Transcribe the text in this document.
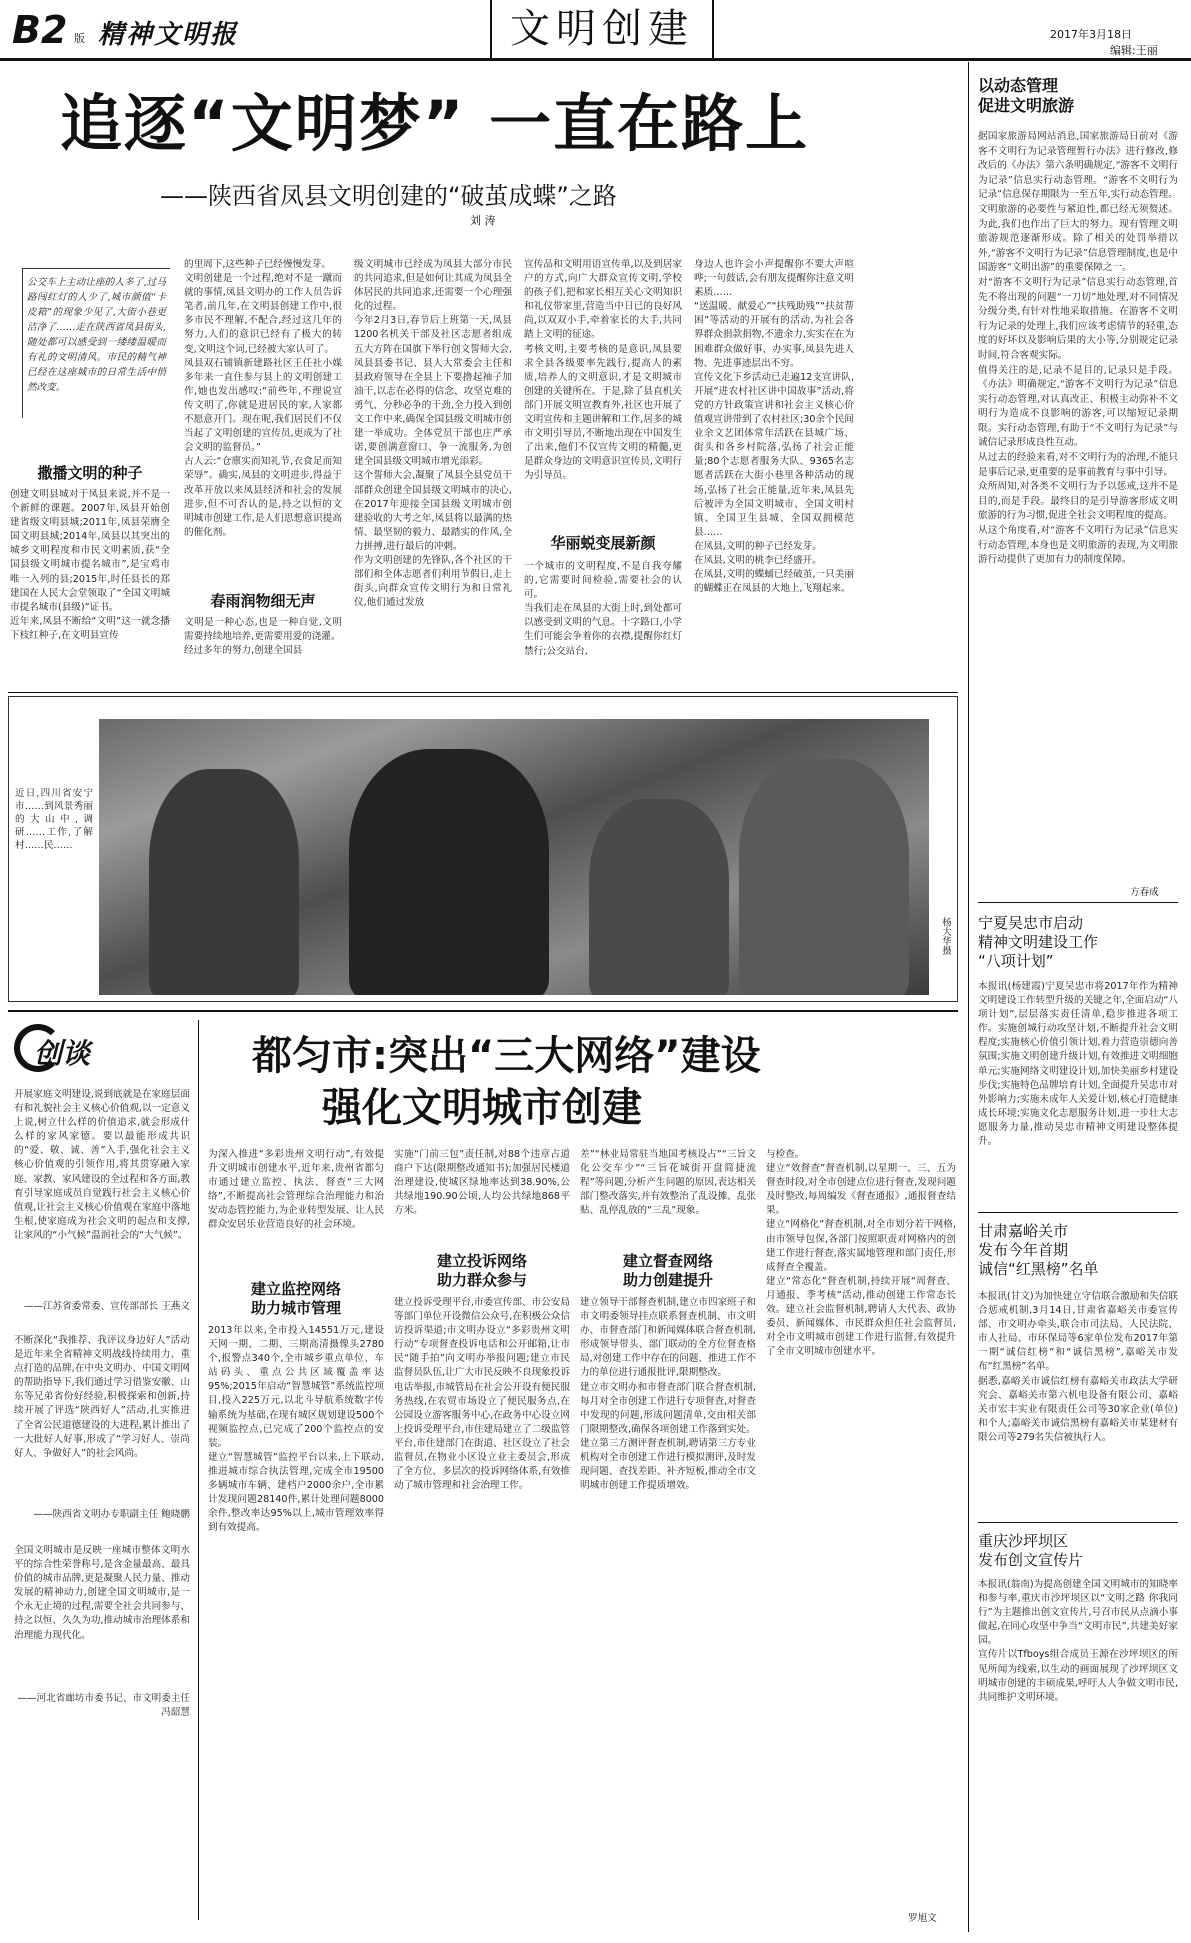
B2 版 精神文明报	文明创建	2017年3月18日
编辑:王丽
追逐“文明梦” 一直在路上
——陕西省凤县文明创建的“破茧成蝶”之路
刘 涛
公交车上主动让座的人多了,过马路闯红灯的人少了,城市颜值“卡皮箱”的现象少见了,大街小巷更洁净了……走在陕西省凤县街头,随处都可以感受到一缕缕温暖而有礼的文明清风。市民的精气神已经在这座城市的日常生活中悄然改变。
撒播文明的种子
创建文明县城对于凤县来说,并不是一个新鲜的课题。2007年,凤县开始创建省级文明县城;2011年,凤县荣膺全国文明县城;2014年,凤县以其突出的城乡文明程度和市民文明素质,获“全国县级文明城市提名城市”,是宝鸡市唯一入列的县;2015年,时任县长的郑建国在人民大会堂领取了“全国文明城市提名城市(县级)”证书。
近年来,凤县不断给“文明”这一就念播下枝红种子,在文明县宣传
的里周下,这些种子已经慢慢发芽。
文明创建是一个过程,绝对不是一蹴而就的事情,凤县文明办的工作人员告诉笔者,前几年,在文明县创建工作中,很多市民不理解,不配合,经过这几年的努力,人们的意识已经有了极大的转变,文明这个词,已经被大家认可了。
凤县双石铺镇新建路社区王任社小媒多年来一直住参与县上的文明创建工作,她也发出感叹:“前些年,不理说宣传文明了,你就是进居民的家,人家都不愿意开门。现在呢,我们居民们不仅当起了文明创建的宣传员,更成为了社会文明的监督员。”
古人云:“仓廪实而知礼节,衣食足而知荣辱”。确实,凤县的文明进步,得益于改革开放以来凤县经济和社会的发展进步,但不可否认的是,持之以恒的文明城市创建工作,是人们思想意识提高的催化剂。
春雨润物细无声
文明是一种心态,也是一种自觉,文明需要持续地培养,更需要用爱的浇灌。
经过多年的努力,创建全国县
级文明城市已经成为凤县大部分市民的共同追求,但是如何让其成为凤县全体居民的共同追求,还需要一个心理强化的过程。
今年2月3日,春节后上班第一天,凤县1200名机关干部及社区志愿者组成五大方阵在国旗下举行创文誓师大会,凤县县委书记、县人大常委会主任和县政府领导在全县上下要撸起袖子加油干,以志在必得的信念、攻坚克难的勇气、分秒必争的干劲,全力投入到创文工作中来,确保全国县级文明城市创建一举成功。全体党员干部也庄严承诺,要创满意窗口、争一流服务,为创建全国县级文明城市增光添彩。
这个誓师大会,凝聚了凤县全县党员干部群众创建全国县级文明城市的决心,在2017年迎接全国县级文明城市创建验收的大考之年,凤县将以最满的热情、最坚韧的毅力、最踏实的作风,全力拼搏,进行最后的冲刺。
作为文明创建的先锋队,各个社区的干部们和全体志愿者们利用节假日,走上街头,向群众宣传文明行为和日常礼仪,他们通过发放
宣传品和文明用语宣传单,以及到居家户的方式,向广大群众宣传文明,学校的孩子们,把和家长相互关心文明知识和礼仪带家里,营造当中日已的良好风尚,以双双小手,牵着家长的大手,共同踏上文明的征途。
考核文明,主要考核的是意识,凤县要求全县各级要率先践行,提高人的素质,培养人的文明意识,才是文明城市创建的关键所在。于是,除了县直机关部门开展文明宣教育外,社区也开展了文明宣传和主题讲解和工作,居多的城市文明引导员,不断地出现在中国发生了出来,他们不仅宣传文明的精髓,更是群众身边的文明意识宣传员,文明行为引导员。
华丽蜕变展新颜
一个城市的文明程度,不是自我夸耀的,它需要时间检验,需要社会的认可。
当我们走在凤县的大街上时,到处都可以感受到文明的气息。十字路口,小学生们可能会争着你的衣襟,提醒你红灯禁行;公交站台,
身边人也许会小声提醒你不要大声喧哗;一句鼓话,会有朋友提醒你注意文明素质……
“送温暖、献爱心”“扶残助残”“扶贫帮困”等活动的开展有的活动,为社会各界群众捐款捐物,不遗余力,实实在在为困难群众做好事、办实事,凤县先进人物、先进事迹层出不穷。
宣传文化下乡活动已走遍12支宣讲队,开展“进农村社区讲中国故事”活动,将党的方针政策宣讲和社会主义核心价值观宣讲带到了农村社区;30余个民间业余文艺团体常年活跃在县城广场、街头和各乡村院落,弘扬了社会正能量;80个志愿者服务大队、9365名志愿者活跃在大街小巷里各种活动的现场,弘扬了社会正能量,近年来,凤县先后被评为全国文明城市、全国文明村镇、全国卫生县城、全国双拥模范县……
在凤县,文明的种子已经发芽。
在凤县,文明的桃李已经盛开。
在凤县,文明的蝶蛹已经破茧,一只美丽的蝴蝶正在凤县的大地上,飞翔起来。
近日,四川省安宁市……到风景秀丽的大山中,调研……工作,了解村……民……
杨大华摄
以动态管理
促进文明旅游
据国家旅游局网站消息,国家旅游局日前对《游客不文明行为记录管理暂行办法》进行修改,修改后的《办法》第六条明确规定,“游客不文明行为记录”信息实行动态管理。“游客不文明行为记录”信息保存期限为一至五年,实行动态管理。
文明旅游的必要性与紧迫性,都已经无须赘述。为此,我们也作出了巨大的努力。现有管理文明旅游规范逐渐形成。除了相关的处罚举措以外,“游客不文明行为记录”信息管理制度,也是中国游客“文明出游”的重要保障之一。
对“游客不文明行为记录”信息实行动态管理,首先不将出现的问题“一刀切”地处理,对不同情况分级分类,有针对性地采取措施。在游客不文明行为记录的处理上,我们应该考虑情节的轻重,态度的好坏以及影响后果的大小等,分别规定记录时间,符合客观实际。
值得关注的是,记录不是目的,记录只是手段。《办法》明确规定,“游客不文明行为记录”信息实行动态管理,对认真改正、积极主动弥补不文明行为造成不良影响的游客,可以缩短记录期限。实行动态管理,有助于“不文明行为记录”与诚信记录形成良性互动。
从过去的经验来看,对不文明行为的治理,不能只是事后记录,更重要的是事前教育与事中引导。
众所周知,对各类不文明行为予以惩戒,这并不是目的,而是手段。最终目的是引导游客形成文明旅游的行为习惯,促进全社会文明程度的提高。
从这个角度看,对“游客不文明行为记录”信息实行动态管理,本身也是文明旅游的表现,为文明旅游行动提供了更加有力的制度保障。
方春成
宁夏吴忠市启动
精神文明建设工作
“八项计划”
本报讯(杨建霞)宁夏吴忠市将2017年作为精神文明建设工作转型升级的关键之年,全面启动“八项计划”,层层落实责任清单,稳步推进各项工作。实施创城行动攻坚计划,不断提升社会文明程度;实施核心价值引领计划,着力营造崇德向善氛围;实施文明创建升级计划,有效推进文明细胞单元;实施网络文明建设计划,加快美丽乡村建设步伐;实施特色品牌培育计划,全面提升吴忠市对外影响力;实施未成年人关爱计划,核心打造健康成长环境;实施文化志愿服务计划,进一步壮大志愿服务力量,推动吴忠市精神文明建设整体提升。
甘肃嘉峪关市
发布今年首期
诚信“红黑榜”名单
本报讯(甘文)为加快建立守信联合激励和失信联合惩戒机制,3月14日,甘肃省嘉峪关市委宣传部、市文明办牵头,联合市司法局、人民法院、市人社局、市环保局等6家单位发布2017年第一期“诚信红榜”和“诚信黑榜”,嘉峪关市发布“红黑榜”名单。
据悉,嘉峪关市诚信红榜有嘉峪关市政法大学研究会、嘉峪关市第六机电设备有限公司、嘉峪关市宏丰实业有限责任公司等30家企业(单位)和个人;嘉峪关市诚信黑榜有嘉峪关市某建材有限公司等279名失信被执行人。
重庆沙坪坝区
发布创文宣传片
本报讯(翁南)为提高创建全国文明城市的知晓率和参与率,重庆市沙坪坝区以“文明之路 你我同行”为主题推出创文宣传片,号召市民从点滴小事做起,在同心攻坚中争当“文明市民”,共建美好家园。
宣传片以Tfboys组合成员王源在沙坪坝区的所见所闻为线索,以生动的画面展现了沙坪坝区文明城市创建的丰硕成果,呼吁人人争做文明市民,共同维护文明环境。
创谈
开展家庭文明建设,说到底就是在家庭层面有和礼貌社会主义核心价值观,以一定意义上说,树立什么样的价值追求,就会形成什么样的家风家德。要以最能形成共识的“爱、敬、诚、善”入手,强化社会主义核心价值观的引领作用,将其贯穿融入家庭、家教、家风建设的全过程和各方面,教育引导家庭成员自觉践行社会主义核心价值观,让社会主义核心价值观在家庭中落地生根,使家庭成为社会文明的起点和支撑,让家风的“小气候”温润社会的“大气候”。
——江苏省委常委、宣传部部长 王燕文
不断深化“我推荐、我评议身边好人”活动是近年来全省精神文明战线持续用力、重点打造的品牌,在中央文明办、中国文明网的帮助指导下,我们通过学习借鉴安徽、山东等兄弟省份好经验,积极探索和创新,持续开展了评选“陕西好人”活动,扎实推进了全省公民道德建设的大进程,累计推出了一大批好人好事,形成了“学习好人、崇尚好人、争做好人”的社会风尚。
——陕西省文明办专职副主任 鲍晓鹏
全国文明城市是反映一座城市整体文明水平的综合性荣誉称号,是含金量最高、最具价值的城市品牌,更是凝聚人民力量、推动发展的精神动力,创建全国文明城市,是一个永无止境的过程,需要全社会共同参与、持之以恒、久久为功,推动城市治理体系和治理能力现代化。
——河北省廊坊市委书记、市文明委主任 冯韶慧
都匀市:突出“三大网络”建设
强化文明城市创建
为深入推进“多彩贵州文明行动”,有效提升文明城市创建水平,近年来,贵州省都匀市通过建立监控、执法、督查“三大网络”,不断提高社会管理综合治理能力和治安动态管控能力,为企业转型发展、让人民群众安居乐业营造良好的社会环境。
建立监控网络
助力城市管理
2013年以来,全市投入14551万元,建设天网一期、二期、三期高清摄像头2780个,报警点340个,全市城乡重点单位、车站码头、重点公共区域覆盖率达95%;2015年启动“智慧城管”系统监控项目,投入225万元,以北斗导航系统数字传输系统为基础,在现有城区规划建设500个视频监控点,已完成了200个监控点的安装。
建立“智慧城管”监控平台以来,上下联动,推进城市综合执法管理,完成全市19500多辆城市车辆、建档户2000余户,全市累计发现问题28140件,累计处理问题8000余件,整改率达95%以上,城市管理效率得到有效提高。
实施“门前三包”责任制,对88个违章占道商户下达(限期整改通知书);加强居民楼道治理建设,使城区绿地率达到38.90%,公共绿地190.90公顷,人均公共绿地868平方米。
建立投诉网络
助力群众参与
建立投诉受理平台,市委宣传部、市公安局等部门单位开设微信公众号,在积极公众信访投诉渠道;市文明办设立“多彩贵州文明行动”专项督查投诉电话和公开邮箱,让市民“随手拍”向文明办举报问题;建立市民监督员队伍,让广大市民反映不良现象投诉电话举报,市城管局在社会公开设有便民服务热线,在农贸市场设立了便民服务点,在公园设立游客服务中心,在政务中心设立网上投诉受理平台,市住建局建立了二级监管平台,市住建部门在街道、社区设立了社会监督员,在物业小区设立业主委员会,形成了全方位、多层次的投诉网络体系,有效推动了城市管理和社会治理工作。
差”“林业局常驻当地国考核设占”“三旨文化公交车少”“三旨花城街开盘简捷流程”等问题,分析产生问题的原因,表达相关部门整改落实,并有效整治了乱设摊、乱张贴、乱停乱放的“三乱”现象。
建立督查网络
助力创建提升
建立领导干部督查机制,建立市四家班子和市文明委领导挂点联系督查机制、市文明办、市督查部门和新闻媒体联合督查机制,形成领导带头、部门联动的全方位督查格局,对创建工作中存在的问题、推进工作不力的单位进行通报批评,限期整改。
建立市文明办和市督查部门联合督查机制,每月对全市创建工作进行专项督查,对督查中发现的问题,形成问题清单,交由相关部门限期整改,确保各项创建工作落到实处。
建立第三方测评督查机制,聘请第三方专业机构对全市创建工作进行模拟测评,及时发现问题、查找差距、补齐短板,推动全市文明城市创建工作提质增效。
与检查。
建立“效督查”督查机制,以星期一、三、五为督查时段,对全市创建点位进行督查,发现问题及时整改,每周编发《督查通报》,通报督查结果。
建立“网格化”督查机制,对全市划分若干网格,由市领导包保,各部门按照职责对网格内的创建工作进行督查,落实属地管理和部门责任,形成督查全覆盖。
建立“常态化”督查机制,持续开展“周督查、月通报、季考核”活动,推动创建工作常态长效。建立社会监督机制,聘请人大代表、政协委员、新闻媒体、市民群众担任社会监督员,对全市文明城市创建工作进行监督,有效提升了全市文明城市创建水平。
罗旭文
